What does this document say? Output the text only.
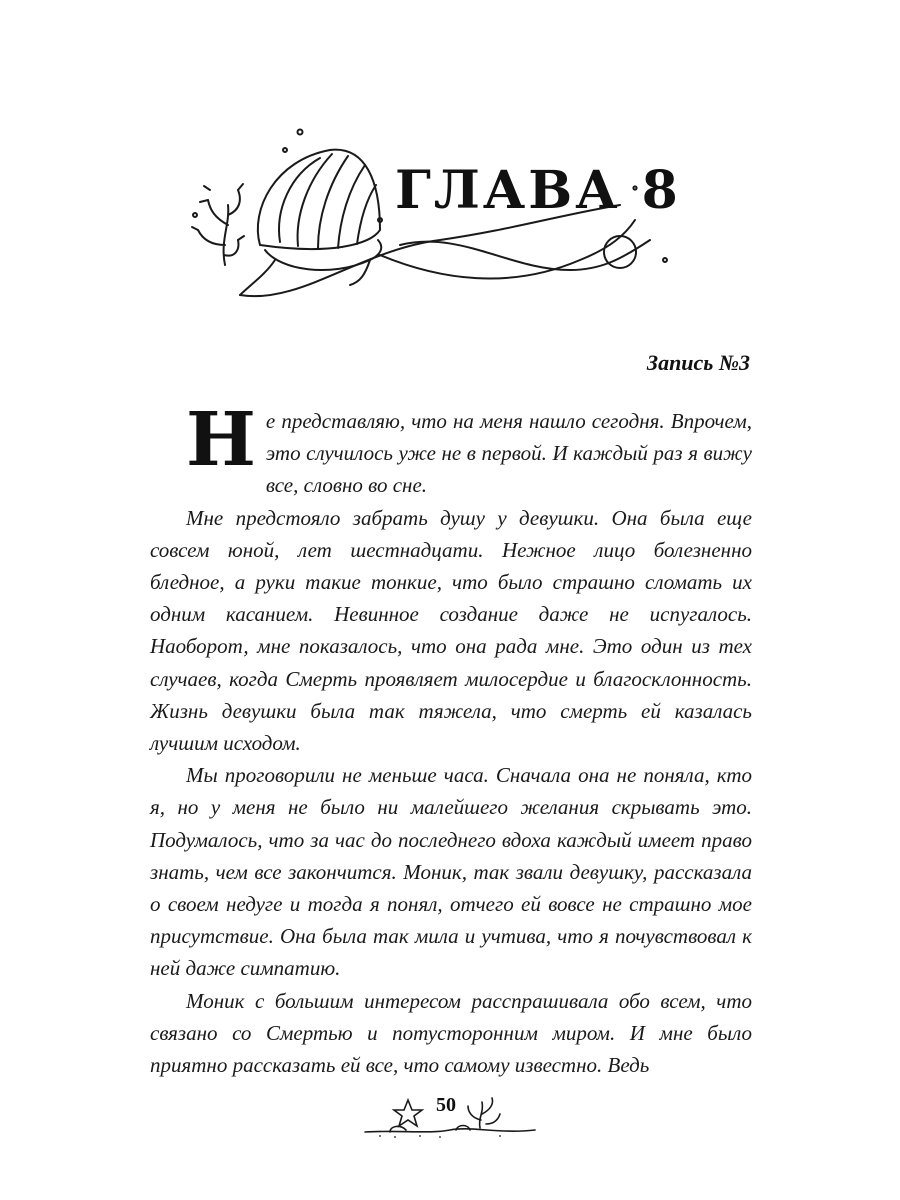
ГЛАВА 8
Запись №3

Не представляю, что на меня нашло сегодня. Впрочем, это случилось уже не в первой. И каждый раз я вижу все, словно во сне.

Мне предстояло забрать душу у девушки. Она была еще совсем юной, лет шестнадцати. Нежное лицо болезненно бледное, а руки такие тонкие, что было страшно сломать их одним касанием. Невинное создание даже не испугалось. Наоборот, мне показалось, что она рада мне. Это один из тех случаев, когда Смерть проявляет милосердие и благосклонность. Жизнь девушки была так тяжела, что смерть ей казалась лучшим исходом.

Мы проговорили не меньше часа. Сначала она не поняла, кто я, но у меня не было ни малейшего желания скрывать это. Подумалось, что за час до последнего вдоха каждый имеет право знать, чем все закончится. Моник, так звали девушку, рассказала о своем недуге и тогда я понял, отчего ей вовсе не страшно мое присутствие. Она была так мила и учтива, что я почувствовал к ней даже симпатию.

Моник с большим интересом расспрашивала обо всем, что связано со Смертью и потусторонним миром. И мне было приятно рассказать ей все, что самому известно. Ведь

50
